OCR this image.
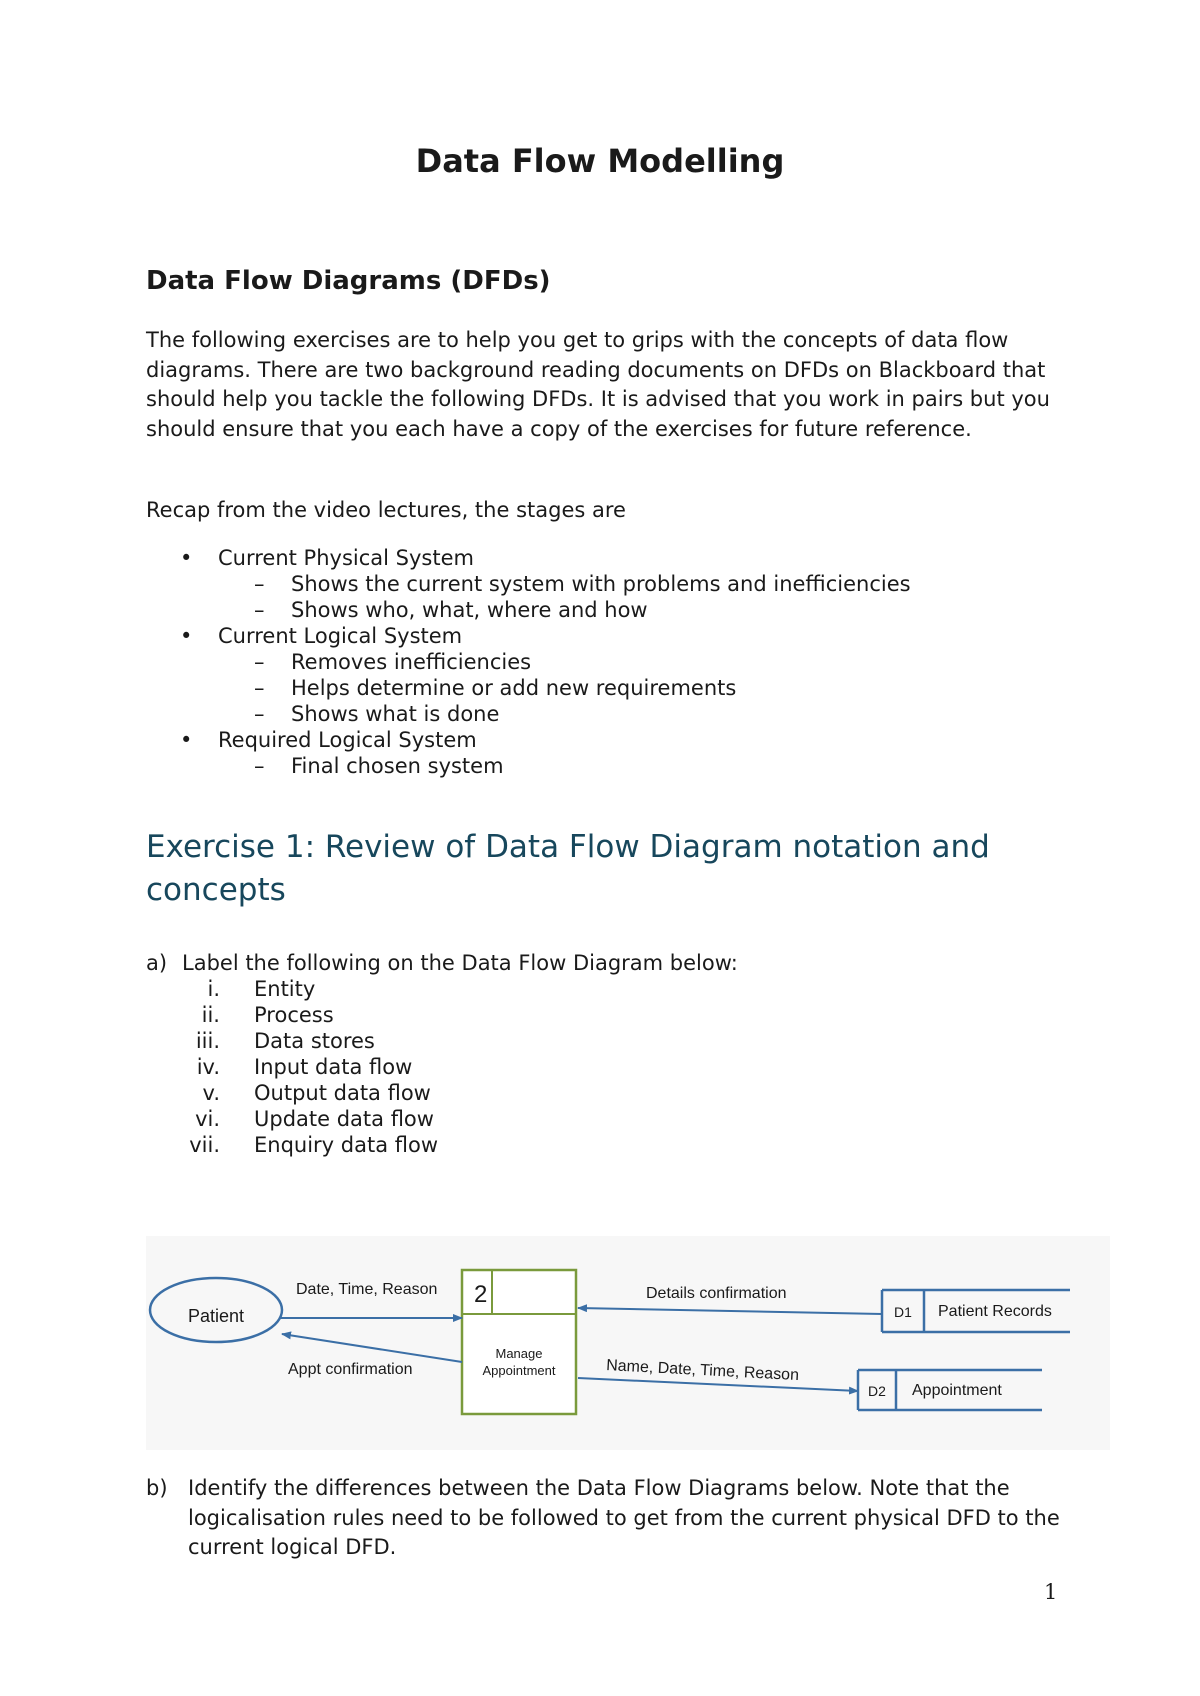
Data Flow Modelling
Data Flow Diagrams (DFDs)

The following exercises are to help you get to grips with the concepts of data flow diagrams. There are two background reading documents on DFDs on Blackboard that should help you tackle the following DFDs. It is advised that you work in pairs but you should ensure that you each have a copy of the exercises for future reference.

Recap from the video lectures, the stages are

• Current Physical System
– Shows the current system with problems and inefficiencies
– Shows who, what, where and how
• Current Logical System
– Removes inefficiencies
– Helps determine or add new requirements
– Shows what is done
• Required Logical System
– Final chosen system
Exercise 1: Review of Data Flow Diagram notation and concepts
a) Label the following on the Data Flow Diagram below:
i. Entity
ii. Process
iii. Data stores
iv. Input data flow
v. Output data flow
vi. Update data flow
vii. Enquiry data flow
Patient
2
Manage
Appointment
D1 Patient Records
D2 Appointment
Date, Time, Reason
Appt confirmation
Details confirmation
Name, Date, Time, Reason
b) Identify the differences between the Data Flow Diagrams below. Note that the logicalisation rules need to be followed to get from the current physical DFD to the current logical DFD.
1
